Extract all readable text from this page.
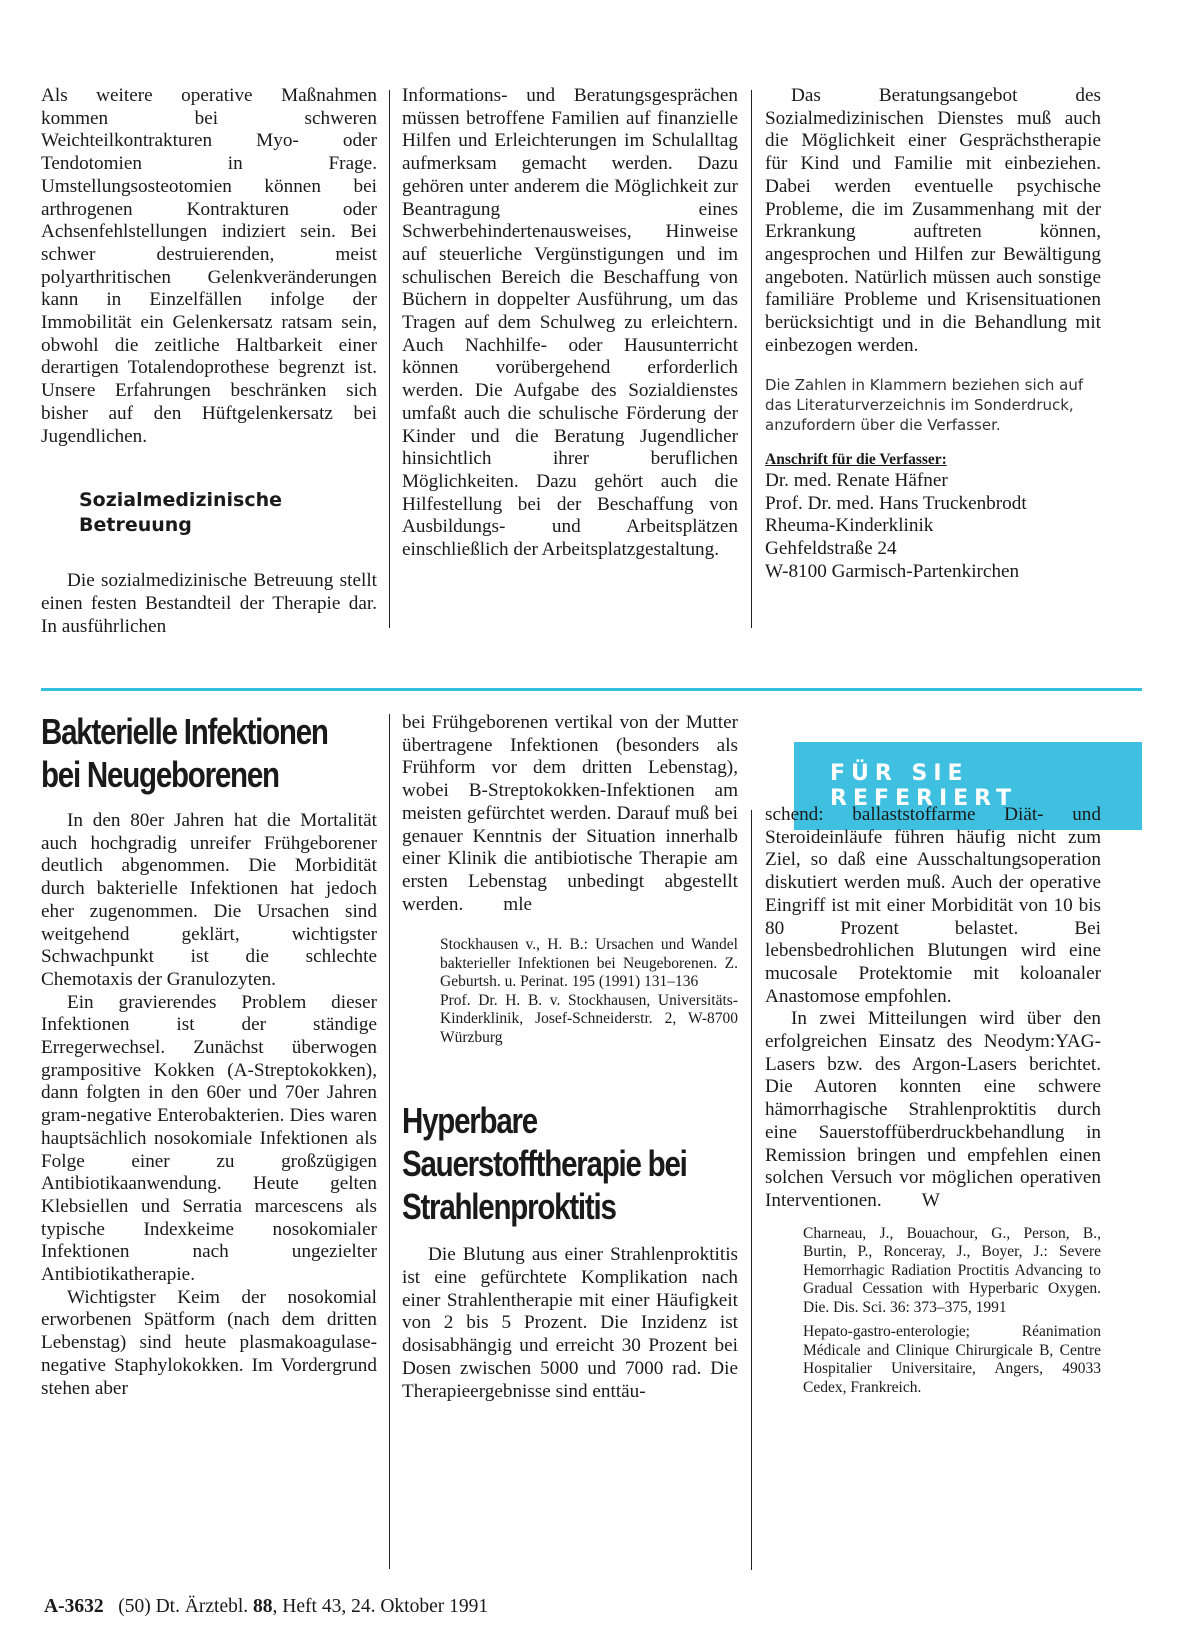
Als weitere operative Maßnahmen kommen bei schweren Weichteilkontrakturen Myo- oder Tendotomien in Frage. Umstellungsosteotomien können bei arthrogenen Kontrakturen oder Achsenfehlstellungen indiziert sein. Bei schwer destruierenden, meist polyarthritischen Gelenkveränderungen kann in Einzelfällen infolge der Immobilität ein Gelenkersatz ratsam sein, obwohl die zeitliche Haltbarkeit einer derartigen Totalendoprothese begrenzt ist. Unsere Erfahrungen beschränken sich bisher auf den Hüftgelenkersatz bei Jugendlichen.

Sozialmedizinische Betreuung

Die sozialmedizinische Betreuung stellt einen festen Bestandteil der Therapie dar. In ausführlichen

Informations- und Beratungsgesprächen müssen betroffene Familien auf finanzielle Hilfen und Erleichterungen im Schulalltag aufmerksam gemacht werden. Dazu gehören unter anderem die Möglichkeit zur Beantragung eines Schwerbehindertenausweises, Hinweise auf steuerliche Vergünstigungen und im schulischen Bereich die Beschaffung von Büchern in doppelter Ausführung, um das Tragen auf dem Schulweg zu erleichtern. Auch Nachhilfe- oder Hausunterricht können vorübergehend erforderlich werden. Die Aufgabe des Sozialdienstes umfaßt auch die schulische Förderung der Kinder und die Beratung Jugendlicher hinsichtlich ihrer beruflichen Möglichkeiten. Dazu gehört auch die Hilfestellung bei der Beschaffung von Ausbildungs- und Arbeitsplätzen einschließlich der Arbeitsplatzgestaltung.

Das Beratungsangebot des Sozialmedizinischen Dienstes muß auch die Möglichkeit einer Gesprächstherapie für Kind und Familie mit einbeziehen. Dabei werden eventuelle psychische Probleme, die im Zusammenhang mit der Erkrankung auftreten können, angesprochen und Hilfen zur Bewältigung angeboten. Natürlich müssen auch sonstige familiäre Probleme und Krisensituationen berücksichtigt und in die Behandlung mit einbezogen werden.

Die Zahlen in Klammern beziehen sich auf das Literaturverzeichnis im Sonderdruck, anzufordern über die Verfasser.

Anschrift für die Verfasser:

Dr. med. Renate Häfner
Prof. Dr. med. Hans Truckenbrodt
Rheuma-Kinderklinik
Gehfeldstraße 24
W-8100 Garmisch-Partenkirchen
Bakterielle Infektionen
bei Neugeborenen

In den 80er Jahren hat die Mortalität auch hochgradig unreifer Frühgeborener deutlich abgenommen. Die Morbidität durch bakterielle Infektionen hat jedoch eher zugenommen. Die Ursachen sind weitgehend geklärt, wichtigster Schwachpunkt ist die schlechte Chemotaxis der Granulozyten.

Ein gravierendes Problem dieser Infektionen ist der ständige Erregerwechsel. Zunächst überwogen grampositive Kokken (A-Streptokokken), dann folgten in den 60er und 70er Jahren gram-negative Enterobakterien. Dies waren hauptsächlich nosokomiale Infektionen als Folge einer zu großzügigen Antibiotikaanwendung. Heute gelten Klebsiellen und Serratia marcescens als typische Indexkeime nosokomialer Infektionen nach ungezielter Antibiotikatherapie.

Wichtigster Keim der nosokomial erworbenen Spätform (nach dem dritten Lebenstag) sind heute plasmakoagulase-negative Staphylokokken. Im Vordergrund stehen aber

bei Frühgeborenen vertikal von der Mutter übertragene Infektionen (besonders als Frühform vor dem dritten Lebenstag), wobei B-Streptokokken-Infektionen am meisten gefürchtet werden. Darauf muß bei genauer Kenntnis der Situation innerhalb einer Klinik die antibiotische Therapie am ersten Lebenstag unbedingt abgestellt werden. mle

Stockhausen v., H. B.: Ursachen und Wandel bakterieller Infektionen bei Neugeborenen. Z. Geburtsh. u. Perinat. 195 (1991) 131–136

Prof. Dr. H. B. v. Stockhausen, Universitäts-Kinderklinik, Josef-Schneiderstr. 2, W-8700 Würzburg

Hyperbare
Sauerstofftherapie bei
Strahlenproktitis

Die Blutung aus einer Strahlenproktitis ist eine gefürchtete Komplikation nach einer Strahlentherapie mit einer Häufigkeit von 2 bis 5 Prozent. Die Inzidenz ist dosisabhängig und erreicht 30 Prozent bei Dosen zwischen 5000 und 7000 rad. Die Therapieergebnisse sind enttäu-

FÜR SIE REFERIERT

schend: ballaststoffarme Diät- und Steroideinläufe führen häufig nicht zum Ziel, so daß eine Ausschaltungsoperation diskutiert werden muß. Auch der operative Eingriff ist mit einer Morbidität von 10 bis 80 Prozent belastet. Bei lebensbedrohlichen Blutungen wird eine mucosale Protektomie mit koloanaler Anastomose empfohlen.

In zwei Mitteilungen wird über den erfolgreichen Einsatz des Neodym:YAG-Lasers bzw. des Argon-Lasers berichtet. Die Autoren konnten eine schwere hämorrhagische Strahlenproktitis durch eine Sauerstoffüberdruckbehandlung in Remission bringen und empfehlen einen solchen Versuch vor möglichen operativen Interventionen. W

Charneau, J., Bouachour, G., Person, B., Burtin, P., Ronceray, J., Boyer, J.: Severe Hemorrhagic Radiation Proctitis Advancing to Gradual Cessation with Hyperbaric Oxygen. Die. Dis. Sci. 36: 373–375, 1991

Hepato-gastro-enterologie; Réanimation Médicale and Clinique Chirurgicale B, Centre Hospitalier Universitaire, Angers, 49033 Cedex, Frankreich.

A-3632 (50) Dt. Ärztebl. 88, Heft 43, 24. Oktober 1991
